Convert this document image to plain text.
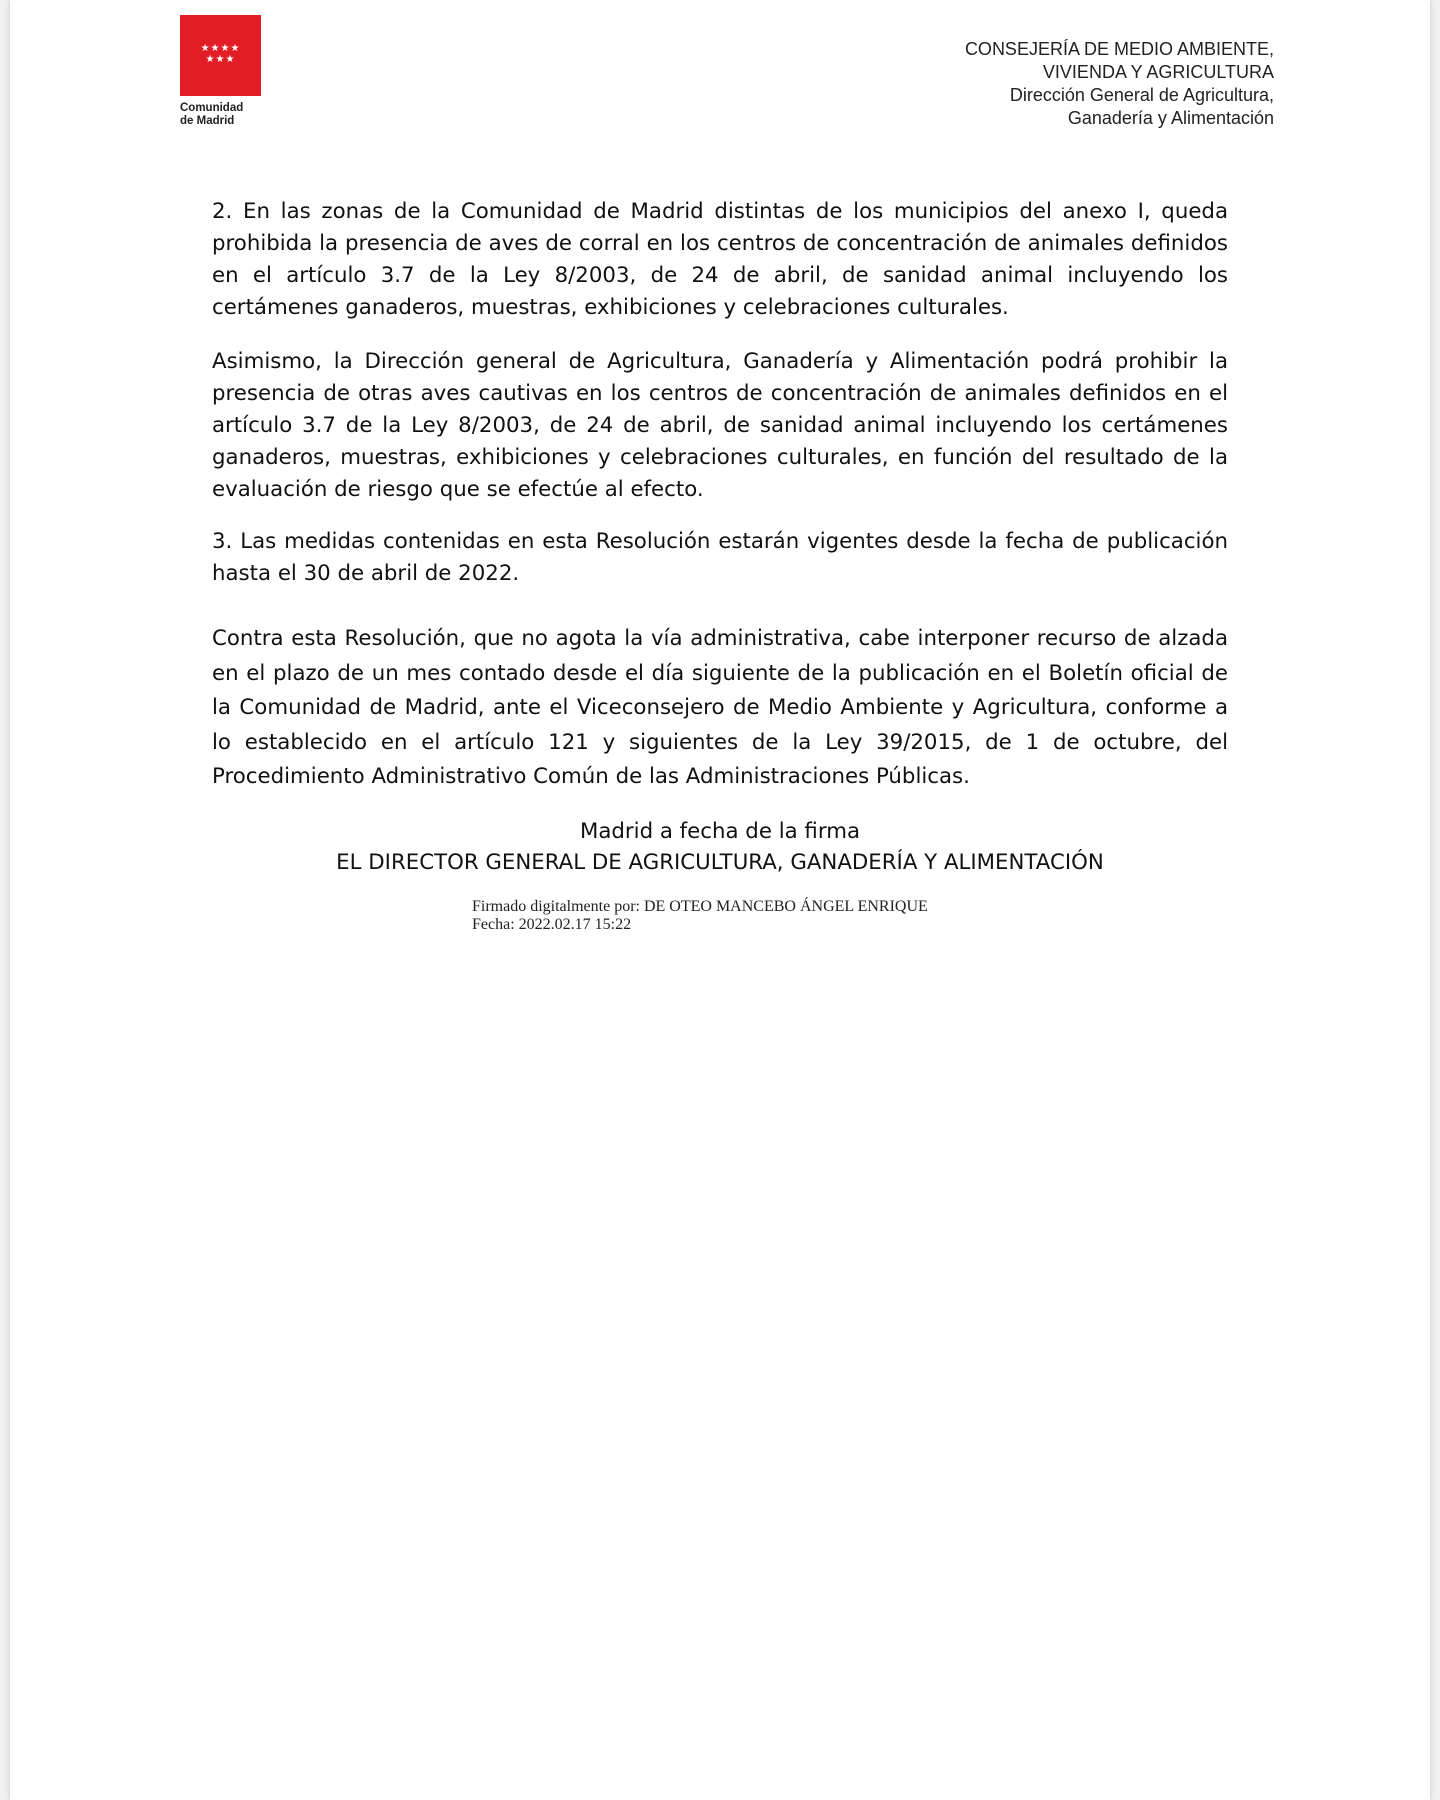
★★★★
★★★
Comunidad
de Madrid
CONSEJERÍA DE MEDIO AMBIENTE,
VIVIENDA Y AGRICULTURA
Dirección General de Agricultura,
Ganadería y Alimentación

2. En las zonas de la Comunidad de Madrid distintas de los municipios del anexo I, queda prohibida la presencia de aves de corral en los centros de concentración de animales definidos en el artículo 3.7 de la Ley 8/2003, de 24 de abril, de sanidad animal incluyendo los certámenes ganaderos, muestras, exhibiciones y celebraciones culturales.

Asimismo, la Dirección general de Agricultura, Ganadería y Alimentación podrá prohibir la presencia de otras aves cautivas en los centros de concentración de animales definidos en el artículo 3.7 de la Ley 8/2003, de 24 de abril, de sanidad animal incluyendo los certámenes ganaderos, muestras, exhibiciones y celebraciones culturales, en función del resultado de la evaluación de riesgo que se efectúe al efecto.

3. Las medidas contenidas en esta Resolución estarán vigentes desde la fecha de publicación hasta el 30 de abril de 2022.

Contra esta Resolución, que no agota la vía administrativa, cabe interponer recurso de alzada en el plazo de un mes contado desde el día siguiente de la publicación en el Boletín oficial de la Comunidad de Madrid, ante el Viceconsejero de Medio Ambiente y Agricultura, conforme a lo establecido en el artículo 121 y siguientes de la Ley 39/2015, de 1 de octubre, del Procedimiento Administrativo Común de las Administraciones Públicas.

Madrid a fecha de la firma
EL DIRECTOR GENERAL DE AGRICULTURA, GANADERÍA Y ALIMENTACIÓN
Firmado digitalmente por: DE OTEO MANCEBO ÁNGEL ENRIQUE
Fecha: 2022.02.17 15:22
